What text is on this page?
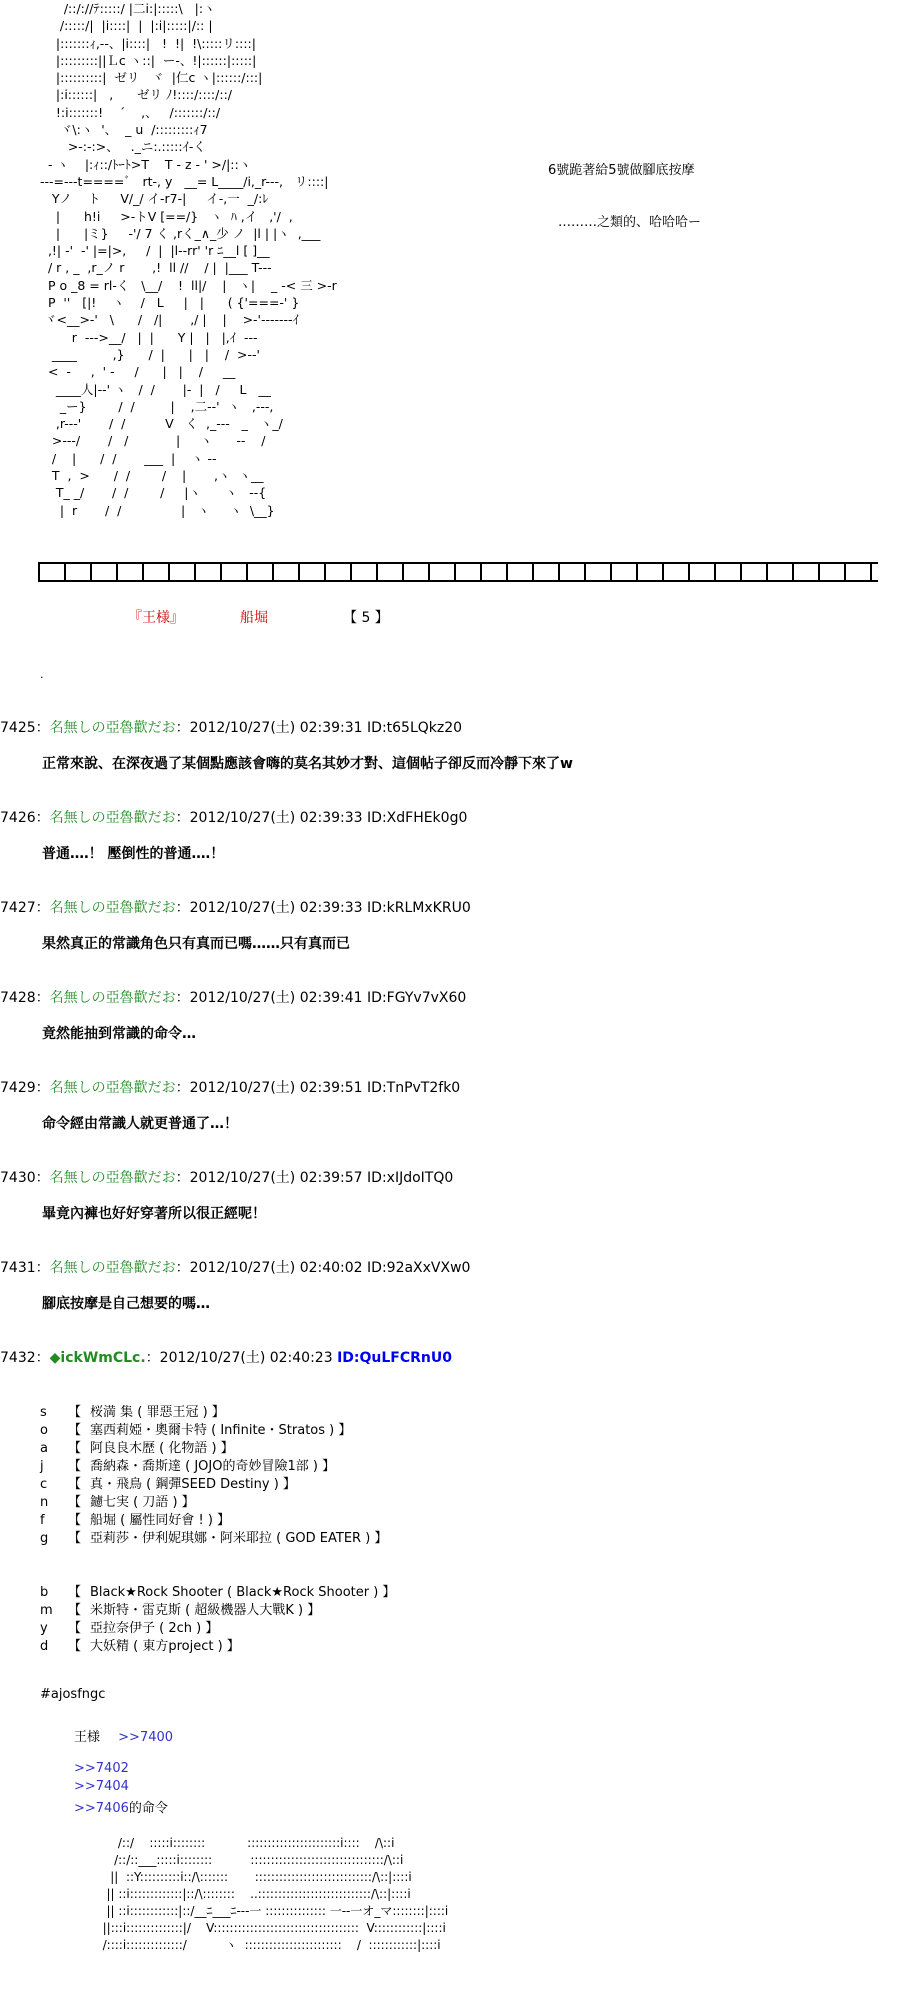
/::/://ﾃ:::::/ |二i:|:::::\   |:ヽ
/:::::/|  |i::::|  |  |:i|:::::|/:: |
|:::::::ｨ,--、|i::::|   !  !|  !\:::::リ::::|
|:::::::::||Ｌc ヽ::|  ー-、!|::::::|:::::|
|::::::::::|  ゼリ   ヾ  |仁c ヽ|::::::/:::|
|:i::::::|   ,      ゼリ ﾉ!::::/::::/::/
!:i:::::::!    ´    ,、   /:::::::/::/
ヾ\:ヽ  '、  _ u  /:::::::::ｨ7
>-:-:>、   ._ニ:.:::::ｲ-く
‐ ヽ    |:ｨ::/ﾄｰﾄ>T    T ‐ z ‐ ' >/|::ヽ
---=---t====ﾞ   rt-, y   __= L____/i,_r---,   リ::::|
Yノ    ト     V/_/ イ-r7-|     イ-,一  _/:ﾚ
|      h!i     >-トV [==/}   ヽ  ﾊ ,イ   ,'/  ,
|      |ミ}     -'/ 7 く ,rく_∧_少 ノ  |l | |ヽ  ,___
,!| -'  -' |=|>,     /  |  |l--rr' 'r ﾆ__l [ ]__
/ r , _  ,r_ノ r       ,!  ll //    / |  |___ T---
P o _8 = rl-く   \__/    !  ll|/    |   ヽ|    _ -< 三 >-r
P  ''   [|!    ヽ    /   L     |   |      ( {'===-' }
ヾ<__>-'   \      /   /|       ,/ |    |    >-'-------ｲ
r  --->__/   |  |      Y |   |   |,ｲ  ---
____         ,}      /  |      |   |    /  >--'
<  -     ,  ' ‐     /      |   |    /     __
____人|--' ヽ   /  /       |-  |   /     L   __
_ー}        /  /         |    ,二--'  ヽ   ,---,
,r---'       /  /          V   く  ,_---   _   ヽ_/
>---/       /   /            |     ヽ      --    /
/    |      /  /       ___  |    ヽ --
T  ,  >      /  /        /    |       ,ヽ  ヽ__
T_ _/       /  /        /     |ヽ      ヽ   --{
|  r       /  /               |   ヽ     ヽ  \__}
6號跪著給5號做腳底按摩
………之類的、哈哈哈ー
『王様』	船堀	【 5 】
.
7425：名無しの亞魯歡だお：2012/10/27(土) 02:39:31 ID:t65LQkz20
正常來說、在深夜過了某個點應該會嗨的莫名其妙才對、這個帖子卻反而冷靜下來了w
7426：名無しの亞魯歡だお：2012/10/27(土) 02:39:33 ID:XdFHEk0g0
普通‥‥！ 壓倒性的普通‥‥！
7427：名無しの亞魯歡だお：2012/10/27(土) 02:39:33 ID:kRLMxKRU0
果然真正的常識角色只有真而已嗎……只有真而已
7428：名無しの亞魯歡だお：2012/10/27(土) 02:39:41 ID:FGYv7vX60
竟然能抽到常識的命令…
7429：名無しの亞魯歡だお：2012/10/27(土) 02:39:51 ID:TnPvT2fk0
命令經由常識人就更普通了…！
7430：名無しの亞魯歡だお：2012/10/27(土) 02:39:57 ID:xIJdoITQ0
畢竟內褲也好好穿著所以很正經呢！
7431：名無しの亞魯歡だお：2012/10/27(土) 02:40:02 ID:92aXxVXw0
腳底按摩是自己想要的嗎…
7432：◆ickWmCLc.：2012/10/27(土) 02:40:23 ID:QuLFCRnU0
s 【 桜満 集 ( 罪惡王冠 ) 】
o 【 塞西莉婭・奧爾卡特 ( Infinite・Stratos ) 】
a 【 阿良良木歷 ( 化物語 ) 】
j 【 喬納森・喬斯達 ( JOJO的奇妙冒險1部 ) 】
c 【 真・飛鳥 ( 鋼彈SEED Destiny ) 】
n 【 鑢七実 ( 刀語 ) 】
f 【 船堀 ( 屬性同好會 ! ) 】
g 【 亞莉莎・伊利妮琪娜・阿米耶拉 ( GOD EATER ) 】
b 【 Black★Rock Shooter ( Black★Rock Shooter ) 】
m 【 米斯特・雷克斯 ( 超級機器人大戰K ) 】
y 【 亞拉奈伊子 ( 2ch ) 】
d 【 大妖精 ( 東方project ) 】
#ajosfngc
王様 >>7400
>>7402
>>7404
>>7406的命令
/::/    :::::i::::::::           :::::::::::::::::::::::i::::    /\::i
/::/::___:::::i::::::::          :::::::::::::::::::::::::::::::::/\::i
||  ::Y::::::::::i::/\:::::::       :::::::::::::::::::::::::::::/\::|::::i
|| ::i:::::::::::::|::/\::::::::    ..::::::::::::::::::::::::::::/\::|::::i
|| ::i::::::::::::|::/__ﾆ___ﾆ---一 ::::::::::::::: 一--一オ_マ::::::::|::::i
||:::i::::::::::::::|/    V::::::::::::::::::::::::::::::::::::  V::::::::::::|::::i
/::::i::::::::::::::/          ヽ  ::::::::::::::::::::::::    /  ::::::::::::|::::i
